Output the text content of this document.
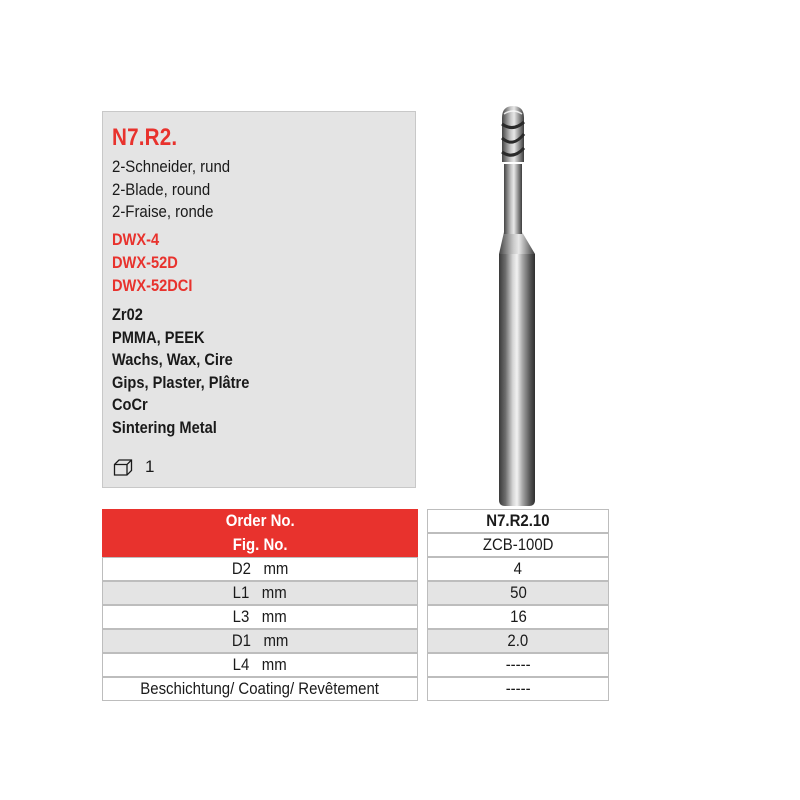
N7.R2.
2-Schneider, rund
2-Blade, round
2-Fraise, ronde
DWX-4
DWX-52D
DWX-52DCI
Zr02
PMMA, PEEK
Wachs, Wax, Cire
Gips, Plaster, Plâtre
CoCr
Sintering Metal
1
Order No.	N7.R2.10
Fig. No.	ZCB-100D
D2   mm	4
L1   mm	50
L3   mm	16
D1   mm	2.0
L4   mm	-----
Beschichtung/ Coating/ Revêtement	-----
